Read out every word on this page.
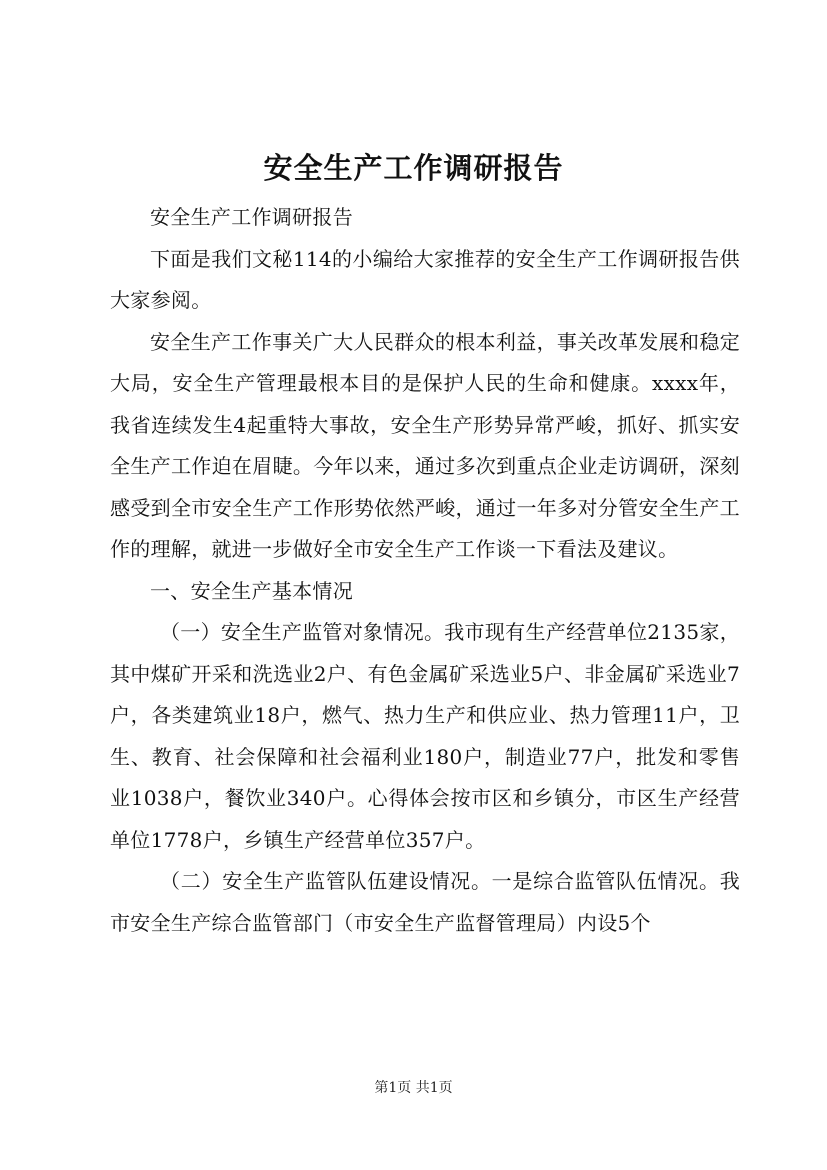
安全生产工作调研报告

安全生产工作调研报告

下面是我们文秘114的小编给大家推荐的安全生产工作调研报告供大家参阅。

安全生产工作事关广大人民群众的根本利益，事关改革发展和稳定大局，安全生产管理最根本目的是保护人民的生命和健康。xxxx年，我省连续发生4起重特大事故，安全生产形势异常严峻，抓好、抓实安全生产工作迫在眉睫。今年以来，通过多次到重点企业走访调研，深刻感受到全市安全生产工作形势依然严峻，通过一年多对分管安全生产工作的理解，就进一步做好全市安全生产工作谈一下看法及建议。

一、安全生产基本情况

（一）安全生产监管对象情况。我市现有生产经营单位2135家，其中煤矿开采和洗选业2户、有色金属矿采选业5户、非金属矿采选业7户，各类建筑业18户，燃气、热力生产和供应业、热力管理11户，卫生、教育、社会保障和社会福利业180户，制造业77户，批发和零售业1038户，餐饮业340户。心得体会按市区和乡镇分，市区生产经营单位1778户，乡镇生产经营单位357户。

（二）安全生产监管队伍建设情况。一是综合监管队伍情况。我市安全生产综合监管部门（市安全生产监督管理局）内设5个

第1页 共1页
